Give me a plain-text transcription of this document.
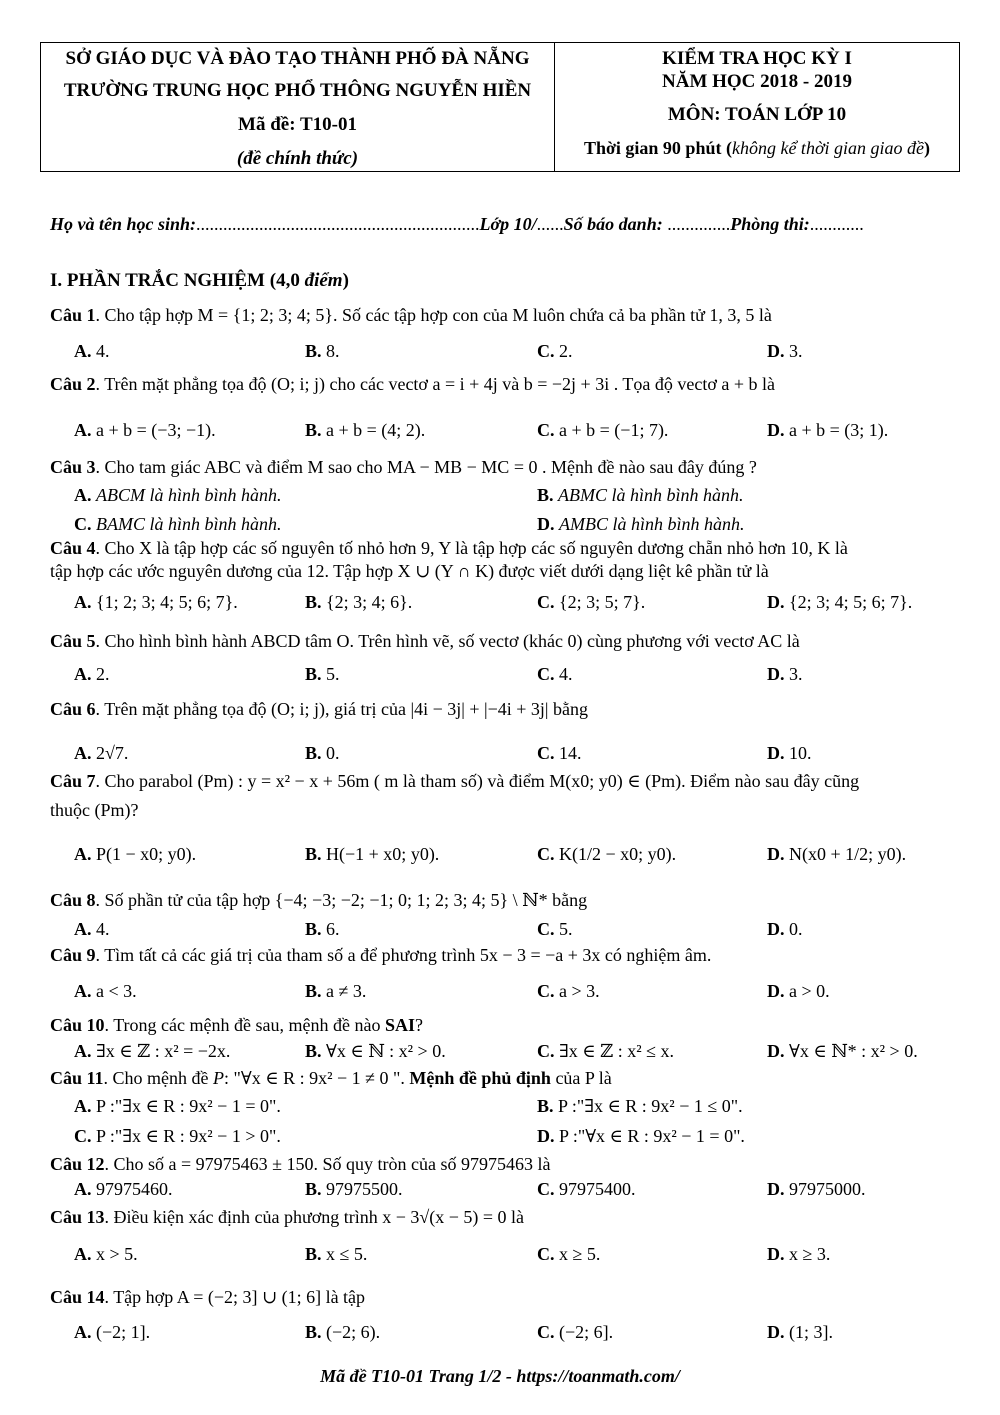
SỞ GIÁO DỤC VÀ ĐÀO TẠO THÀNH PHỐ ĐÀ NẴNG
TRƯỜNG TRUNG HỌC PHỔ THÔNG NGUYỄN HIỀN
Mã đề: T10-01
(đề chính thức)
KIỂM TRA HỌC KỲ I
NĂM HỌC 2018 - 2019
MÔN: TOÁN LỚP 10
Thời gian 90 phút (không kể thời gian giao đề)
Họ và tên học sinh:...............................................................Lớp 10/......Số báo danh: ..............Phòng thi:............
I. PHẦN TRẮC NGHIỆM (4,0 điểm)
Câu 1. Cho tập hợp M = {1; 2; 3; 4; 5}. Số các tập hợp con của M luôn chứa cả ba phần tử 1, 3, 5 là
A. 4.	B. 8.	C. 2.	D. 3.
Câu 2. Trên mặt phẳng tọa độ (O; i; j) cho các vectơ a = i + 4j và b = −2j + 3i . Tọa độ vectơ a + b là
A. a + b = (−3; −1).	B. a + b = (4; 2).	C. a + b = (−1; 7).	D. a + b = (3; 1).
Câu 3. Cho tam giác ABC và điểm M sao cho MA − MB − MC = 0 . Mệnh đề nào sau đây đúng ?
A. ABCM là hình bình hành.	B. ABMC là hình bình hành.
C. BAMC là hình bình hành.	D. AMBC là hình bình hành.
Câu 4. Cho X là tập hợp các số nguyên tố nhỏ hơn 9, Y là tập hợp các số nguyên dương chẵn nhỏ hơn 10, K là
tập hợp các ước nguyên dương của 12. Tập hợp X ∪ (Y ∩ K) được viết dưới dạng liệt kê phần tử là
A. {1; 2; 3; 4; 5; 6; 7}.	B. {2; 3; 4; 6}.	C. {2; 3; 5; 7}.	D. {2; 3; 4; 5; 6; 7}.
Câu 5. Cho hình bình hành ABCD tâm O. Trên hình vẽ, số vectơ (khác 0) cùng phương với vectơ AC là
A. 2.	B. 5.	C. 4.	D. 3.
Câu 6. Trên mặt phẳng tọa độ (O; i; j), giá trị của |4i − 3j| + |−4i + 3j| bằng
A. 2√7.	B. 0.	C. 14.	D. 10.
Câu 7. Cho parabol (Pm) : y = x² − x + 56m ( m là tham số) và điểm M(x0; y0) ∈ (Pm). Điểm nào sau đây cũng
thuộc (Pm)?
A. P(1 − x0; y0).	B. H(−1 + x0; y0).	C. K(1/2 − x0; y0).	D. N(x0 + 1/2; y0).
Câu 8. Số phần tử của tập hợp {−4; −3; −2; −1; 0; 1; 2; 3; 4; 5} \ ℕ* bằng
A. 4.	B. 6.	C. 5.	D. 0.
Câu 9. Tìm tất cả các giá trị của tham số a để phương trình 5x − 3 = −a + 3x có nghiệm âm.
A. a < 3.	B. a ≠ 3.	C. a > 3.	D. a > 0.
Câu 10. Trong các mệnh đề sau, mệnh đề nào SAI?
A. ∃x ∈ ℤ : x² = −2x.	B. ∀x ∈ ℕ : x² > 0.	C. ∃x ∈ ℤ : x² ≤ x.	D. ∀x ∈ ℕ* : x² > 0.
Câu 11. Cho mệnh đề P: "∀x ∈ R : 9x² − 1 ≠ 0 ". Mệnh đề phủ định của P là
A. P :"∃x ∈ R : 9x² − 1 = 0".	B. P :"∃x ∈ R : 9x² − 1 ≤ 0".
C. P :"∃x ∈ R : 9x² − 1 > 0".	D. P :"∀x ∈ R : 9x² − 1 = 0".
Câu 12. Cho số a = 97975463 ± 150. Số quy tròn của số 97975463 là
A. 97975460.	B. 97975500.	C. 97975400.	D. 97975000.
Câu 13. Điều kiện xác định của phương trình x − 3√(x − 5) = 0 là
A. x > 5.	B. x ≤ 5.	C. x ≥ 5.	D. x ≥ 3.
Câu 14. Tập hợp A = (−2; 3] ∪ (1; 6] là tập
A. (−2; 1].	B. (−2; 6).	C. (−2; 6].	D. (1; 3].
Mã đề T10-01 Trang 1/2 - https://toanmath.com/
